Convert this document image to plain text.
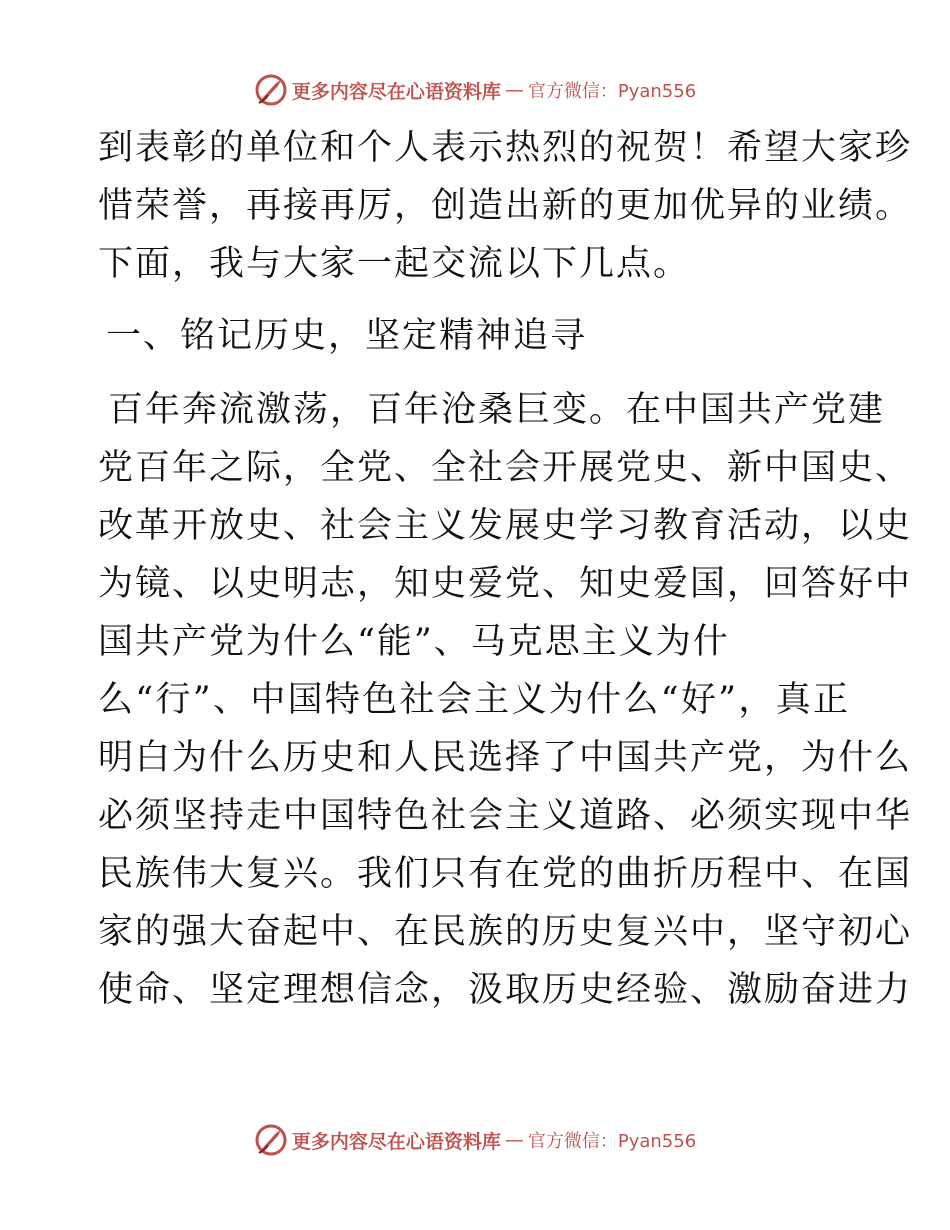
更多内容尽在心语资料库 — 官方微信：Pyan556
到表彰的单位和个人表示热烈的祝贺！希望大家珍
惜荣誉，再接再厉，创造出新的更加优异的业绩。
下面，我与大家一起交流以下几点。
一、铭记历史，坚定精神追寻
百年奔流激荡，百年沧桑巨变。在中国共产党建
党百年之际，全党、全社会开展党史、新中国史、
改革开放史、社会主义发展史学习教育活动，以史
为镜、以史明志，知史爱党、知史爱国，回答好中
国共产党为什么“能”、马克思主义为什
么“行”、中国特色社会主义为什么“好”，真正
明白为什么历史和人民选择了中国共产党，为什么
必须坚持走中国特色社会主义道路、必须实现中华
民族伟大复兴。我们只有在党的曲折历程中、在国
家的强大奋起中、在民族的历史复兴中，坚守初心
使命、坚定理想信念，汲取历史经验、激励奋进力
更多内容尽在心语资料库 — 官方微信：Pyan556
